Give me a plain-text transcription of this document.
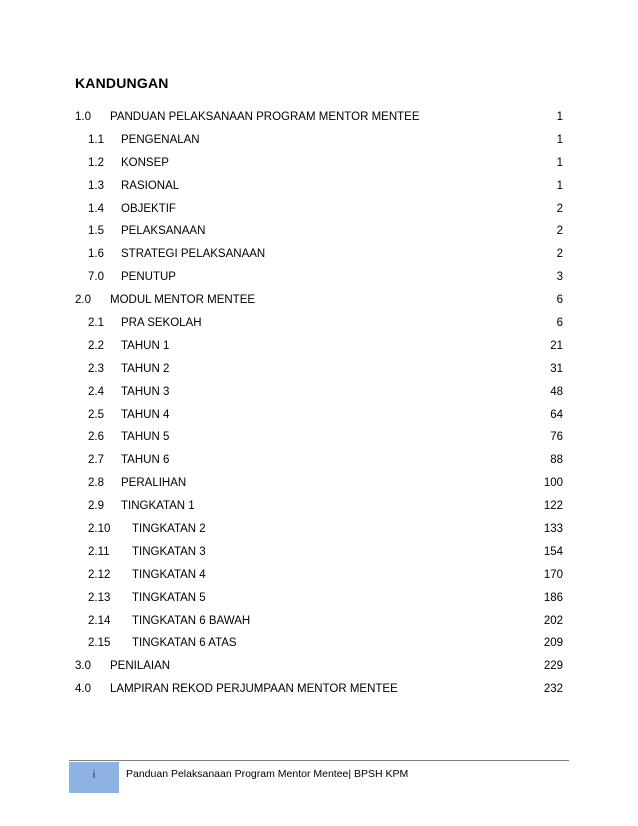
KANDUNGAN
1.0 PANDUAN PELAKSANAAN PROGRAM MENTOR MENTEE	1
1.1 PENGENALAN	1
1.2 KONSEP	1
1.3 RASIONAL	1
1.4 OBJEKTIF	2
1.5 PELAKSANAAN	2
1.6 STRATEGI PELAKSANAAN	2
7.0 PENUTUP	3
2.0 MODUL MENTOR MENTEE	6
2.1 PRA SEKOLAH	6
2.2 TAHUN 1	21
2.3 TAHUN 2	31
2.4 TAHUN 3	48
2.5 TAHUN 4	64
2.6 TAHUN 5	76
2.7 TAHUN 6	88
2.8 PERALIHAN	100
2.9 TINGKATAN 1	122
2.10 TINGKATAN 2	133
2.11 TINGKATAN 3	154
2.12 TINGKATAN 4	170
2.13 TINGKATAN 5	186
2.14 TINGKATAN 6 BAWAH	202
2.15 TINGKATAN 6 ATAS	209
3.0 PENILAIAN	229
4.0 LAMPIRAN REKOD PERJUMPAAN MENTOR MENTEE	232
i	Panduan Pelaksanaan Program Mentor Mentee| BPSH KPM
